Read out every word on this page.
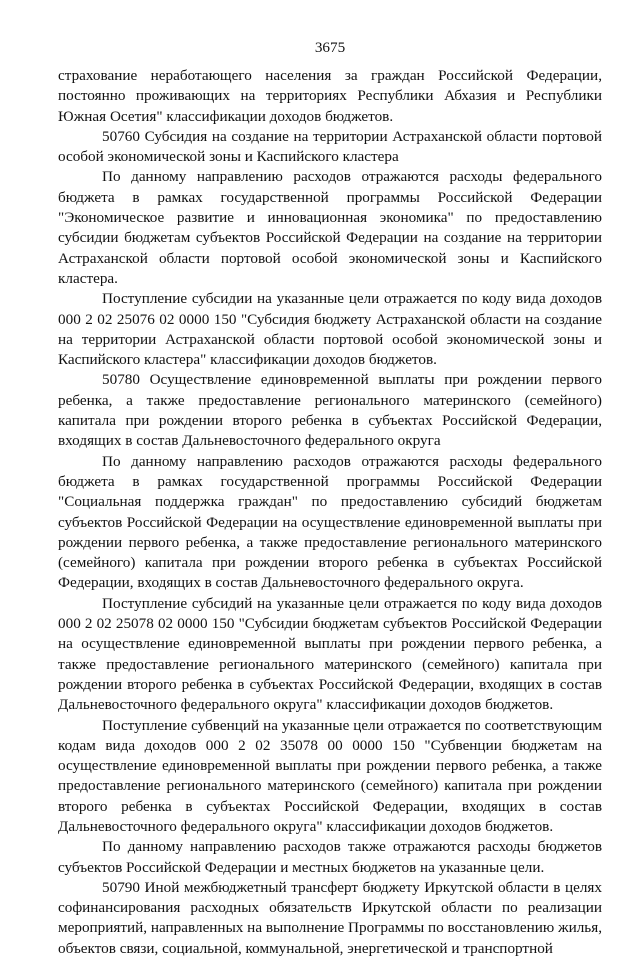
3675

страхование неработающего населения за граждан Российской Федерации, постоянно проживающих на территориях Республики Абхазия и Республики Южная Осетия" классификации доходов бюджетов.

50760 Субсидия на создание на территории Астраханской области портовой особой экономической зоны и Каспийского кластера

По данному направлению расходов отражаются расходы федерального бюджета в рамках государственной программы Российской Федерации "Экономическое развитие и инновационная экономика" по предоставлению субсидии бюджетам субъектов Российской Федерации на создание на территории Астраханской области портовой особой экономической зоны и Каспийского кластера.

Поступление субсидии на указанные цели отражается по коду вида доходов 000 2 02 25076 02 0000 150 "Субсидия бюджету Астраханской области на создание на территории Астраханской области портовой особой экономической зоны и Каспийского кластера" классификации доходов бюджетов.

50780 Осуществление единовременной выплаты при рождении первого ребенка, а также предоставление регионального материнского (семейного) капитала при рождении второго ребенка в субъектах Российской Федерации, входящих в состав Дальневосточного федерального округа

По данному направлению расходов отражаются расходы федерального бюджета в рамках государственной программы Российской Федерации "Социальная поддержка граждан" по предоставлению субсидий бюджетам субъектов Российской Федерации на осуществление единовременной выплаты при рождении первого ребенка, а также предоставление регионального материнского (семейного) капитала при рождении второго ребенка в субъектах Российской Федерации, входящих в состав Дальневосточного федерального округа.

Поступление субсидий на указанные цели отражается по коду вида доходов 000 2 02 25078 02 0000 150 "Субсидии бюджетам субъектов Российской Федерации на осуществление единовременной выплаты при рождении первого ребенка, а также предоставление регионального материнского (семейного) капитала при рождении второго ребенка в субъектах Российской Федерации, входящих в состав Дальневосточного федерального округа" классификации доходов бюджетов.

Поступление субвенций на указанные цели отражается по соответствующим кодам вида доходов 000 2 02 35078 00 0000 150 "Субвенции бюджетам на осуществление единовременной выплаты при рождении первого ребенка, а также предоставление регионального материнского (семейного) капитала при рождении второго ребенка в субъектах Российской Федерации, входящих в состав Дальневосточного федерального округа" классификации доходов бюджетов.

По данному направлению расходов также отражаются расходы бюджетов субъектов Российской Федерации и местных бюджетов на указанные цели.

50790 Иной межбюджетный трансферт бюджету Иркутской области в целях софинансирования расходных обязательств Иркутской области по реализации мероприятий, направленных на выполнение Программы по восстановлению жилья, объектов связи, социальной, коммунальной, энергетической и транспортной
